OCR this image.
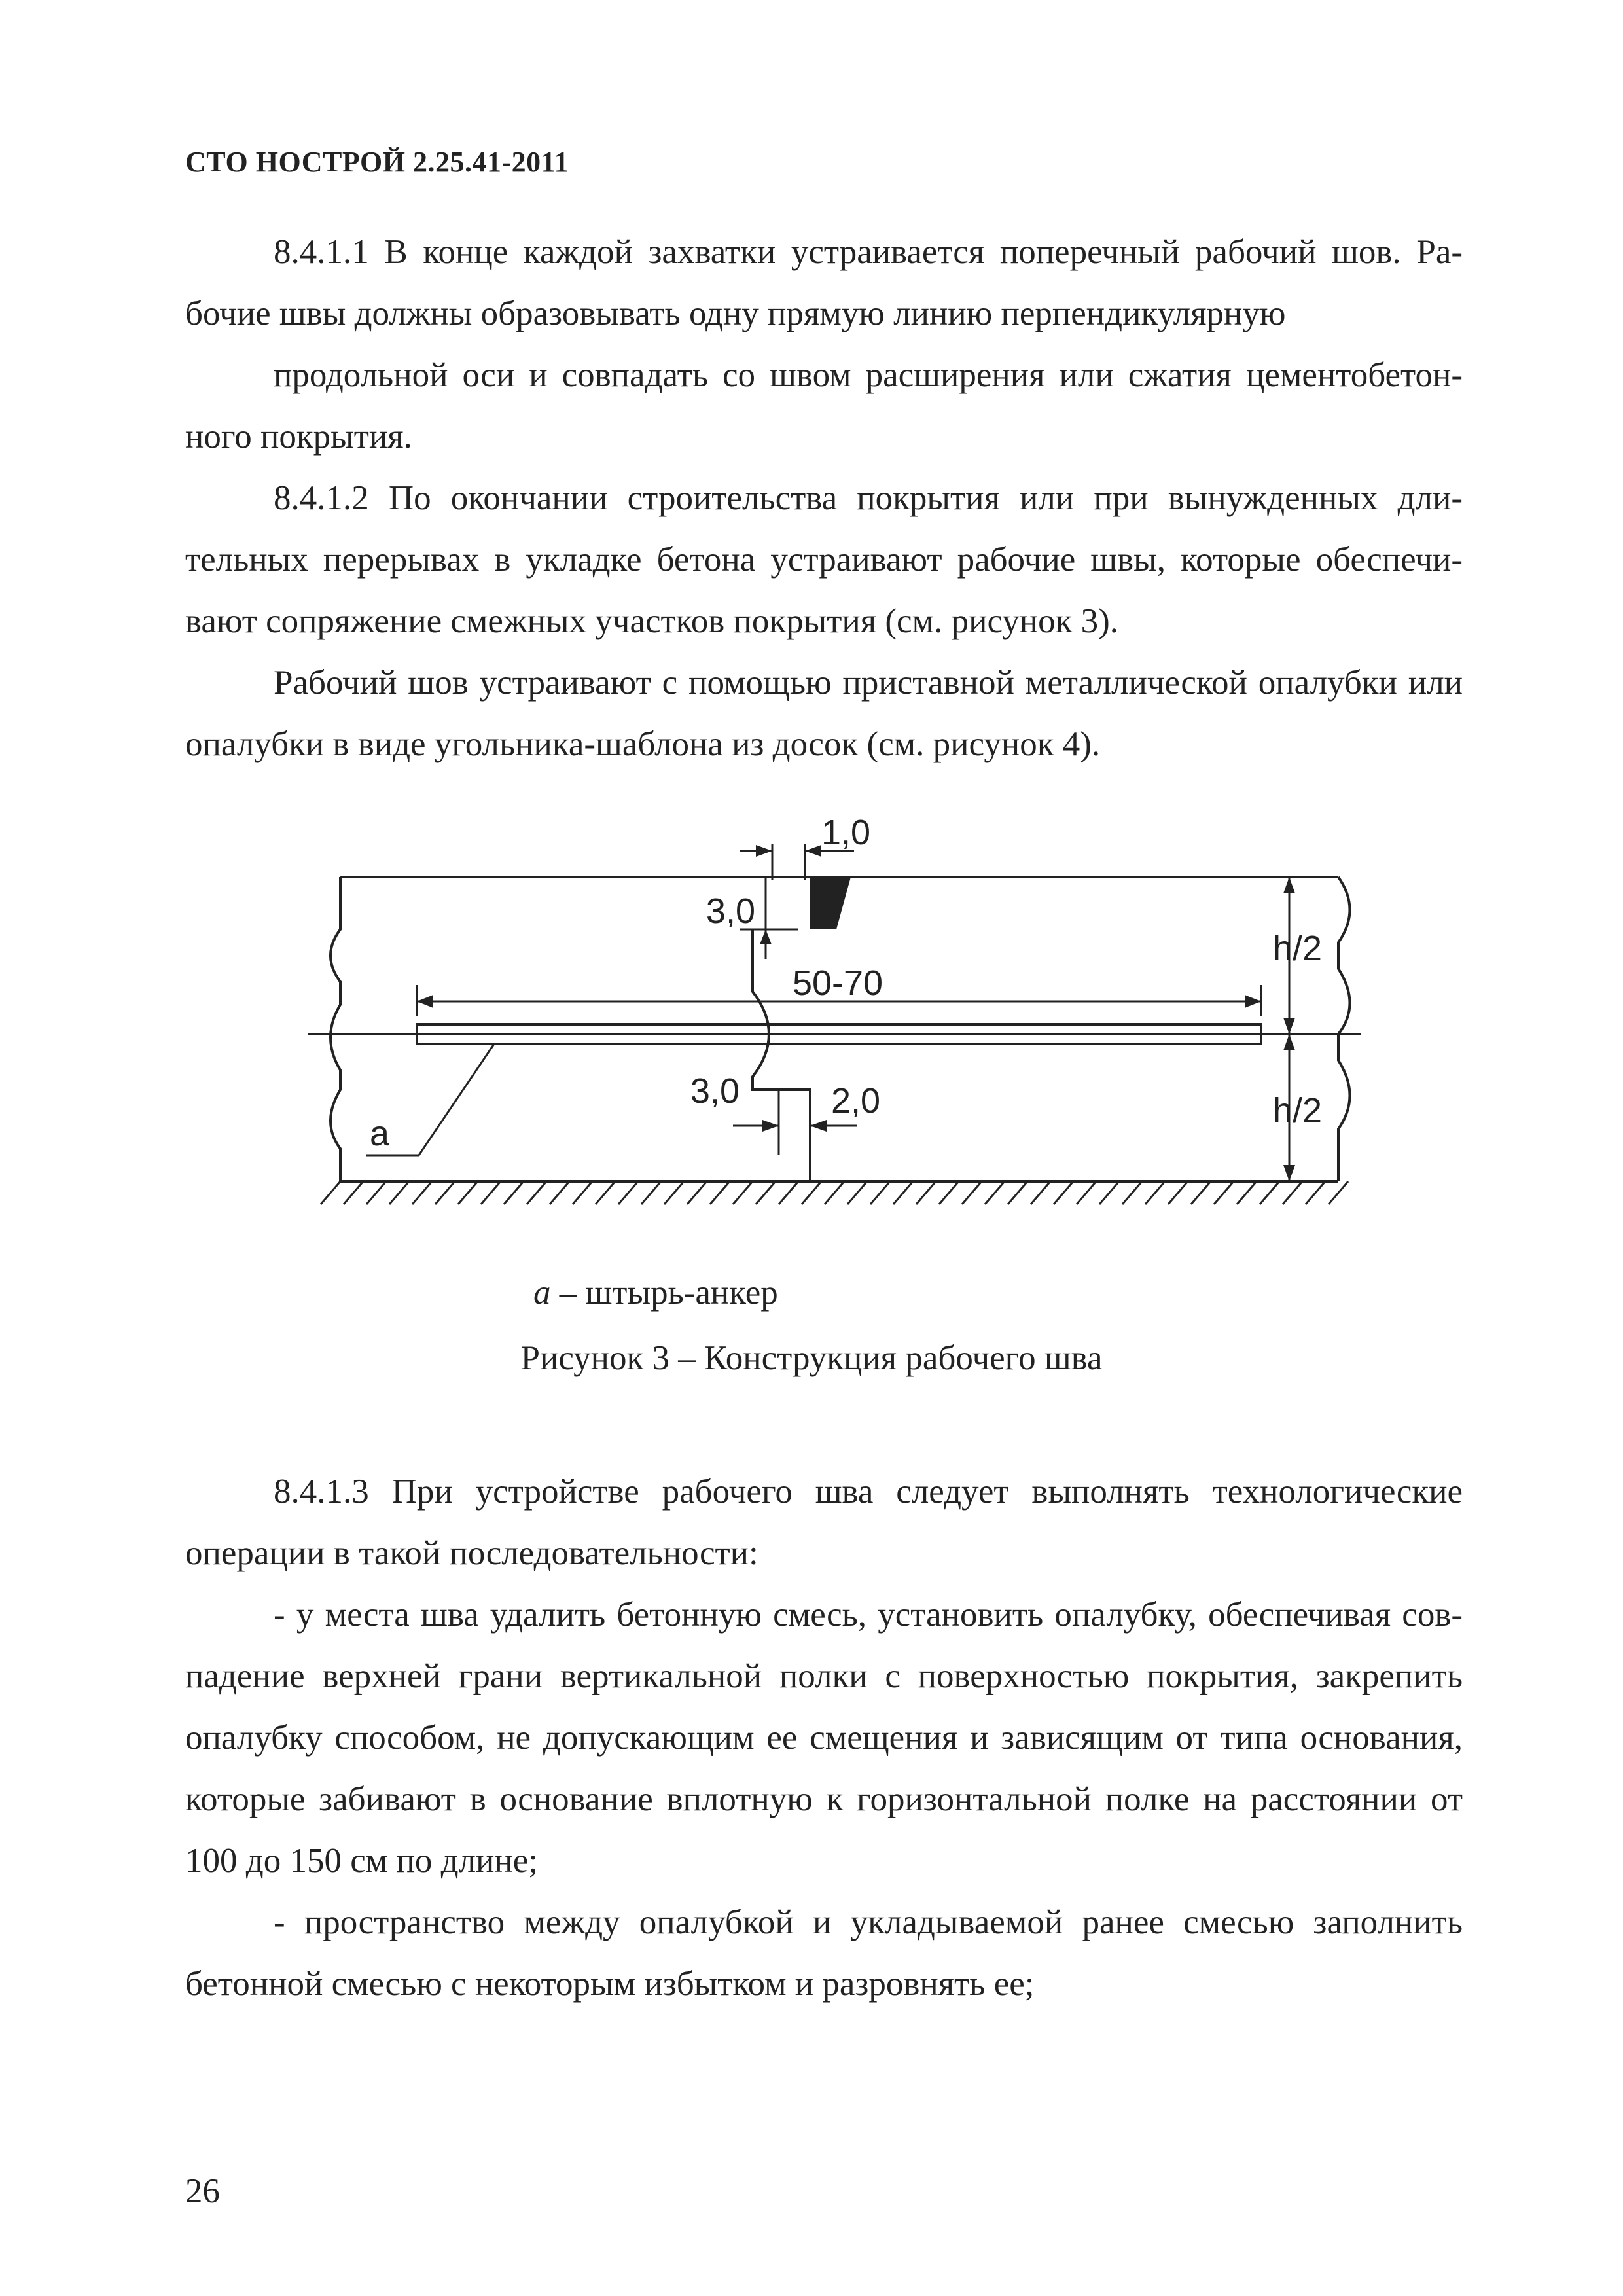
СТО НОСТРОЙ 2.25.41-2011

8.4.1.1 В конце каждой захватки устраивается поперечный рабочий шов. Ра- бочие швы должны образовывать одну прямую линию перпендикулярную

продольной оси и совпадать со швом расширения или сжатия цементобетон- ного покрытия.

8.4.1.2 По окончании строительства покрытия или при вынужденных дли- тельных перерывах в укладке бетона устраивают рабочие швы, которые обеспечи- вают сопряжение смежных участков покрытия (см. рисунок 3).

Рабочий шов устраивают с помощью приставной металлической опалубки или опалубки в виде угольника-шаблона из досок (см. рисунок 4).

1,0
3,0
50-70
h/2
h/2
3,0	2,0
а
а – штырь-анкер
Рисунок 3 – Конструкция рабочего шва

8.4.1.3 При устройстве рабочего шва следует выполнять технологические операции в такой последовательности:

- у места шва удалить бетонную смесь, установить опалубку, обеспечивая сов- падение верхней грани вертикальной полки с поверхностью покрытия, закрепить опалубку способом, не допускающим ее смещения и зависящим от типа основания, которые забивают в основание вплотную к горизонтальной полке на расстоянии от 100 до 150 см по длине;

- пространство между опалубкой и укладываемой ранее смесью заполнить бетонной смесью с некоторым избытком и разровнять ее;

26
